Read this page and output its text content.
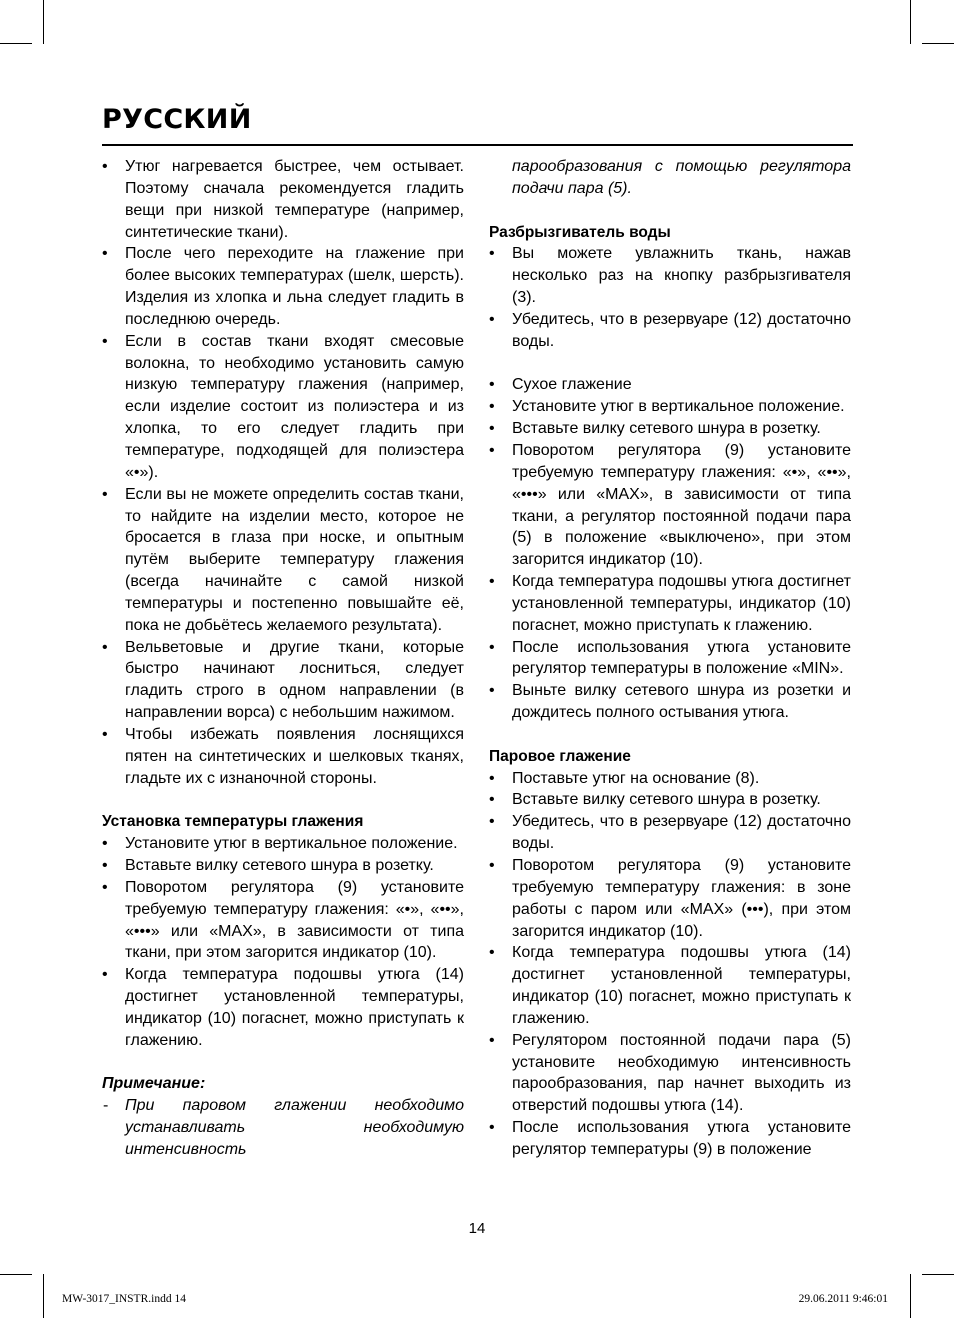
РУССКИЙ
• Утюг нагревается быстрее, чем остывает. Поэтому сначала рекомендуется гладить вещи при низкой температуре (например, синтетические ткани).
• После чего переходите на глажение при более высоких температурах (шелк, шерсть). Изделия из хлопка и льна следует гладить в последнюю очередь.
• Если в состав ткани входят смесовые волокна, то необходимо установить самую низкую температуру глажения (например, если изделие состоит из полиэстера и из хлопка, то его следует гладить при температуре, подходящей для полиэстера «•»).
• Если вы не можете определить состав ткани, то найдите на изделии место, которое не бросается в глаза при носке, и опытным путём выберите температуру глажения (всегда начинайте с самой низкой температуры и постепенно повышайте её, пока не добьётесь желаемого результата).
• Вельветовые и другие ткани, которые быстро начинают лосниться, следует гладить строго в одном направлении (в направлении ворса) с небольшим нажимом.
• Чтобы избежать появления лоснящихся пятен на синтетических и шелковых тканях, гладьте их с изнаночной стороны.
Установка температуры глажения
• Установите утюг в вертикальное положение.
• Вставьте вилку сетевого шнура в розетку.
• Поворотом регулятора (9) установите требуемую температуру глажения: «•», «••», «•••» или «MAX», в зависимости от типа ткани, при этом загорится индикатор (10).
• Когда температура подошвы утюга (14) достигнет установленной температуры, индикатор (10) погаснет, можно приступать к глажению.
Примечание:
- При паровом глажении необходимо устанавливать необходимую интенсивность
парообразования с помощью регулятора подачи пара (5).
Разбрызгиватель воды
• Вы можете увлажнить ткань, нажав несколько раз на кнопку разбрызгивателя (3).
• Убедитесь, что в резервуаре (12) достаточно воды.
• Сухое глажение
• Установите утюг в вертикальное положение.
• Вставьте вилку сетевого шнура в розетку.
• Поворотом регулятора (9) установите требуемую температуру глажения: «•», «••», «•••» или «MAX», в зависимости от типа ткани, а регулятор постоянной подачи пара (5) в положение «выключено», при этом загорится индикатор (10).
• Когда температура подошвы утюга достигнет установленной температуры, индикатор (10) погаснет, можно приступать к глажению.
• После использования утюга установите регулятор температуры в положение «MIN».
• Выньте вилку сетевого шнура из розетки и дождитесь полного остывания утюга.
Паровое глажение
• Поставьте утюг на основание (8).
• Вставьте вилку сетевого шнура в розетку.
• Убедитесь, что в резервуаре (12) достаточно воды.
• Поворотом регулятора (9) установите требуемую температуру глажения: в зоне работы с паром или «MAX» (•••), при этом загорится индикатор (10).
• Когда температура подошвы утюга (14) достигнет установленной температуры, индикатор (10) погаснет, можно приступать к глажению.
• Регулятором постоянной подачи пара (5) установите необходимую интенсивность парообразования, пар начнет выходить из отверстий подошвы утюга (14).
• После использования утюга установите регулятор температуры (9) в положение
14
MW-3017_INSTR.indd 14	29.06.2011 9:46:01
